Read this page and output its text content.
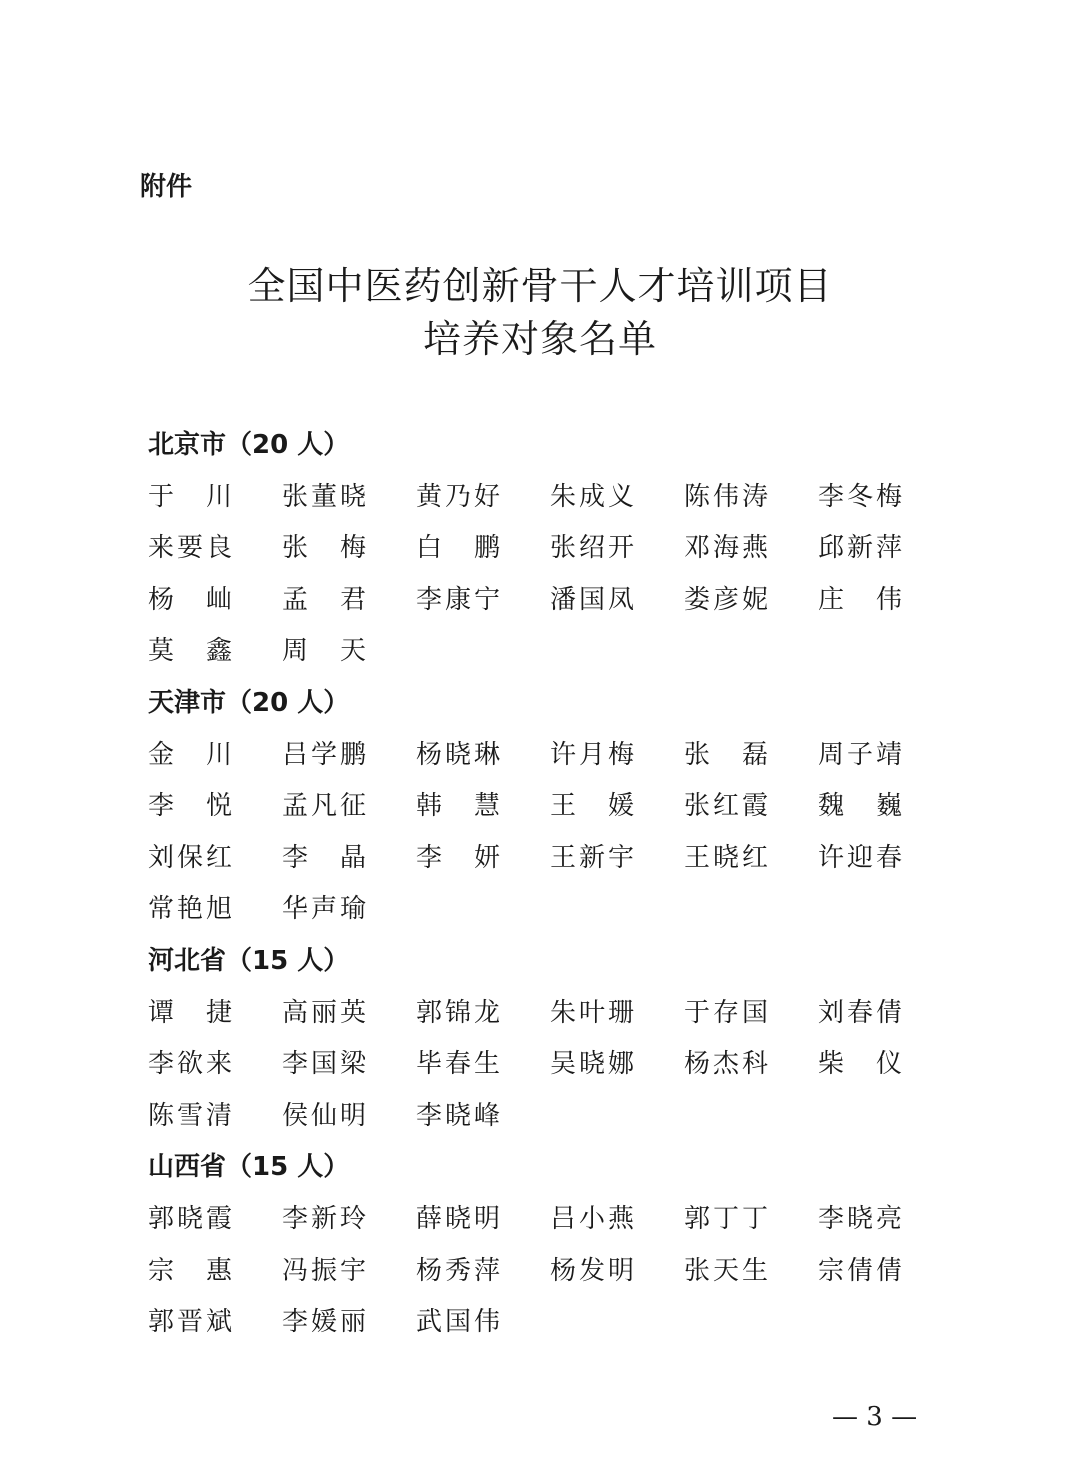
附件
全国中医药创新骨干人才培训项目
培养对象名单
北京市（20 人）
于 川 张董晓 黄乃好 朱成义 陈伟涛 李冬梅
来要良 张 梅 白 鹏 张绍开 邓海燕 邱新萍
杨 屾 孟 君 李康宁 潘国凤 娄彦妮 庄 伟
莫 鑫 周 天
天津市（20 人）
金 川 吕学鹏 杨晓琳 许月梅 张 磊 周子靖
李 悦 孟凡征 韩 慧 王 媛 张红霞 魏 巍
刘保红 李 晶 李 妍 王新宇 王晓红 许迎春
常艳旭 华声瑜
河北省（15 人）
谭 捷 高丽英 郭锦龙 朱叶珊 于存国 刘春倩
李欲来 李国梁 毕春生 吴晓娜 杨杰科 柴 仪
陈雪清 侯仙明 李晓峰
山西省（15 人）
郭晓霞 李新玲 薛晓明 吕小燕 郭丁丁 李晓亮
宗 惠 冯振宇 杨秀萍 杨发明 张天生 宗倩倩
郭晋斌 李媛丽 武国伟
— 3 —
